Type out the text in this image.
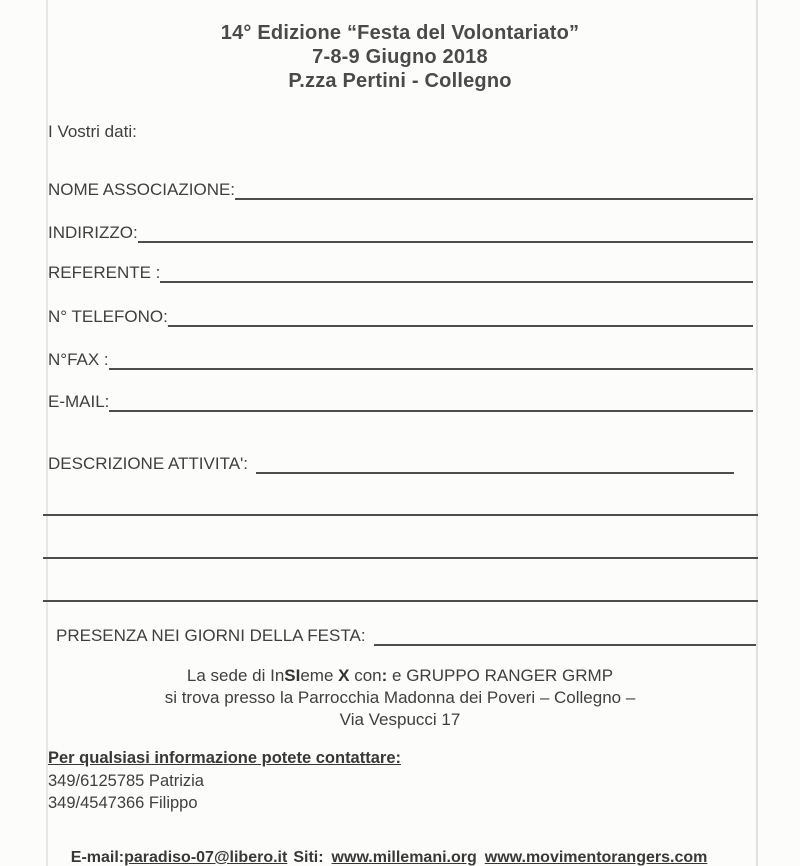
14° Edizione “Festa del Volontariato”
7-8-9 Giugno 2018
P.zza Pertini - Collegno
I Vostri dati:
NOME ASSOCIAZIONE:
INDIRIZZO:
REFERENTE :
N° TELEFONO:
N°FAX :
E-MAIL:
DESCRIZIONE ATTIVITA':
PRESENZA NEI GIORNI DELLA FESTA:
La sede di InSIeme X con: e GRUPPO RANGER GRMP
si trova presso la Parrocchia Madonna dei Poveri – Collegno –
Via Vespucci 17
Per qualsiasi informazione potete contattare:
349/6125785 Patrizia
349/4547366 Filippo

E-mail:paradiso-07@libero.it Siti: www.millemani.org www.movimentorangers.com
